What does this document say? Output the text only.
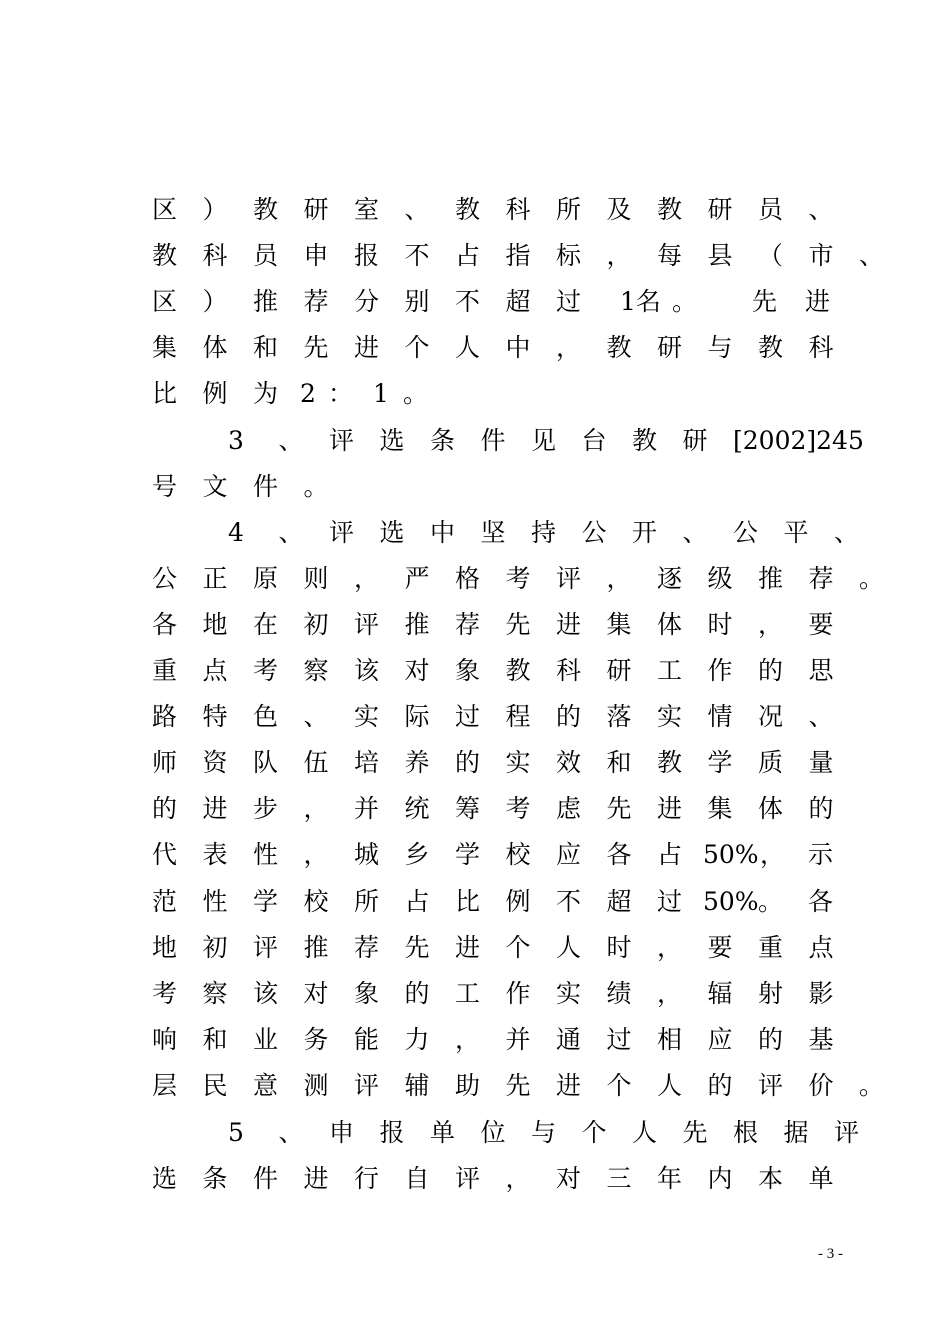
区 ） 教 研 室 、 教 科 所 及 教 研 员 、
教 科 员 申 报 不 占 指 标 ， 每 县 （ 市 、
区 ） 推 荐 分 别 不 超 过 1名 。 先 进
集 体 和 先 进 个 人 中 ， 教 研 与 教 科
比 例 为 2 ： 1 。
3 、 评 选 条 件 见 台 教 研 [2002]245
号 文 件 。
4 、 评 选 中 坚 持 公 开 、 公 平 、
公 正 原 则 ， 严 格 考 评 ， 逐 级 推 荐 。
各 地 在 初 评 推 荐 先 进 集 体 时 ， 要
重 点 考 察 该 对 象 教 科 研 工 作 的 思
路 特 色 、 实 际 过 程 的 落 实 情 况 、
师 资 队 伍 培 养 的 实 效 和 教 学 质 量
的 进 步 ， 并 统 筹 考 虑 先 进 集 体 的
代 表 性 ， 城 乡 学 校 应 各 占 50% ， 示
范 性 学 校 所 占 比 例 不 超 过 50% 。 各
地 初 评 推 荐 先 进 个 人 时 ， 要 重 点
考 察 该 对 象 的 工 作 实 绩 ， 辐 射 影
响 和 业 务 能 力 ， 并 通 过 相 应 的 基
层 民 意 测 评 辅 助 先 进 个 人 的 评 价 。
5 、 申 报 单 位 与 个 人 先 根 据 评
选 条 件 进 行 自 评 ， 对 三 年 内 本 单
- 3 -
